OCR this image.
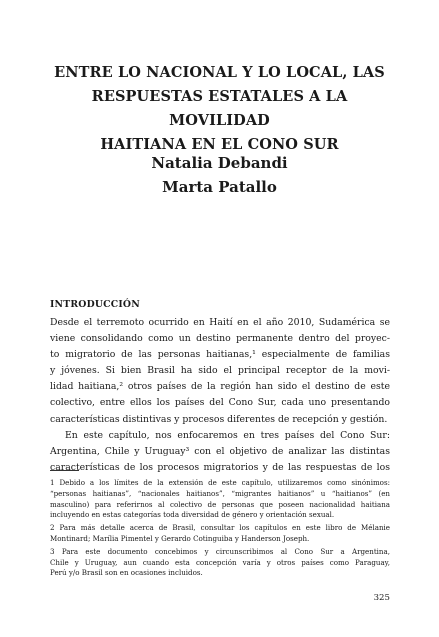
ENTRE LO NACIONAL Y LO LOCAL, LAS
RESPUESTAS ESTATALES A LA MOVILIDAD
HAITIANA EN EL CONO SUR
Natalia Debandi
Marta Patallo
INTRODUCCIÓN
Desde el terremoto ocurrido en Haití en el año 2010, Sudamérica se
viene consolidando como un destino permanente dentro del proyec-
to migratorio de las personas haitianas,¹ especialmente de familias
y jóvenes. Si bien Brasil ha sido el principal receptor de la movi-
lidad haitiana,² otros países de la región han sido el destino de este
colectivo, entre ellos los países del Cono Sur, cada uno presentando
características distintivas y procesos diferentes de recepción y gestión.
En este capítulo, nos enfocaremos en tres países del Cono Sur:
Argentina, Chile y Uruguay³ con el objetivo de analizar las distintas
características de los procesos migratorios y de las respuestas de los
1 Debido a los límites de la extensión de este capítulo, utilizaremos como sinónimos:
“personas haitianas”, “nacionales haitianos”, “migrantes haitianos” u “haitianos” (en
masculino) para referirnos al colectivo de personas que poseen nacionalidad haitiana
incluyendo en estas categorías toda diversidad de género y orientación sexual.
2 Para más detalle acerca de Brasil, consultar los capítulos en este libro de Mélanie
Montinard; Marília Pimentel y Gerardo Cotinguiba y Handerson Joseph.
3 Para este documento concebimos y circunscribimos al Cono Sur a Argentina,
Chile y Uruguay, aun cuando esta concepción varía y otros países como Paraguay,
Perú y/o Brasil son en ocasiones incluidos.
325
